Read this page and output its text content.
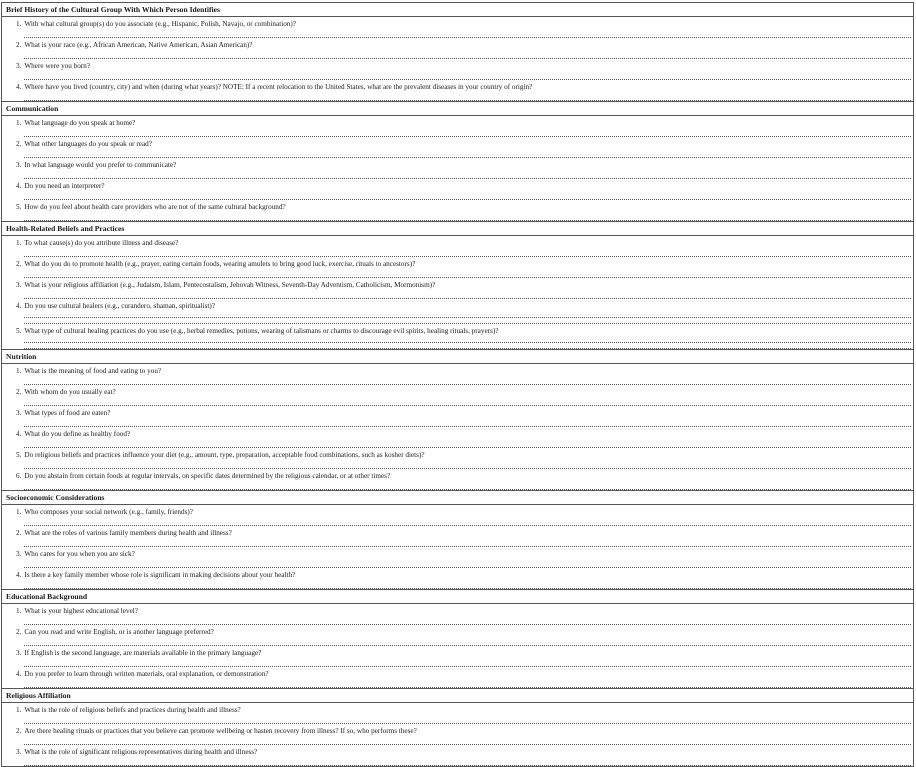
Brief History of the Cultural Group With Which Person Identifies
1. With what cultural group(s) do you associate (e.g., Hispanic, Polish, Navajo, or combination)?
2. What is your race (e.g., African American, Native American, Asian American)?
3. Where were you born?
4. Where have you lived (country, city) and when (during what years)? NOTE: If a recent relocation to the United States, what are the prevalent diseases in your country of origin?
Communication
1. What language do you speak at home?
2. What other languages do you speak or read?
3. In what language would you prefer to communicate?
4. Do you need an interpreter?
5. How do you feel about health care providers who are not of the same cultural background?
Health-Related Beliefs and Practices
1. To what cause(s) do you attribute illness and disease?
2. What do you do to promote health (e.g., prayer, eating certain foods, wearing amulets to bring good luck, exercise, rituals to ancestors)?
3. What is your religious affiliation (e.g., Judaism, Islam, Pentecostalism, Jehovah Witness, Seventh-Day Adventism, Catholicism, Mormonism)?
4. Do you use cultural healers (e.g., curandero, shaman, spiritualist)?
5. What type of cultural healing practices do you use (e.g., herbal remedies, potions, wearing of talismans or charms to discourage evil spirits, healing rituals, prayers)?
Nutrition
1. What is the meaning of food and eating to you?
2. With whom do you usually eat?
3. What types of food are eaten?
4. What do you define as healthy food?
5. Do religious beliefs and practices influence your diet (e.g., amount, type, preparation, acceptable food combinations, such as kosher diets)?
6. Do you abstain from certain foods at regular intervals, on specific dates determined by the religious calendar, or at other times?
Socioeconomic Considerations
1. Who composes your social network (e.g., family, friends)?
2. What are the roles of various family members during health and illness?
3. Who cares for you when you are sick?
4. Is there a key family member whose role is significant in making decisions about your health?
Educational Background
1. What is your highest educational level?
2. Can you read and write English, or is another language preferred?
3. If English is the second language, are materials available in the primary language?
4. Do you prefer to learn through written materials, oral explanation, or demonstration?
Religious Affiliation
1. What is the role of religious beliefs and practices during health and illness?
2. Are there healing rituals or practices that you believe can promote wellbeing or hasten recovery from illness? If so, who performs these?
3. What is the role of significant religious representatives during health and illness?
